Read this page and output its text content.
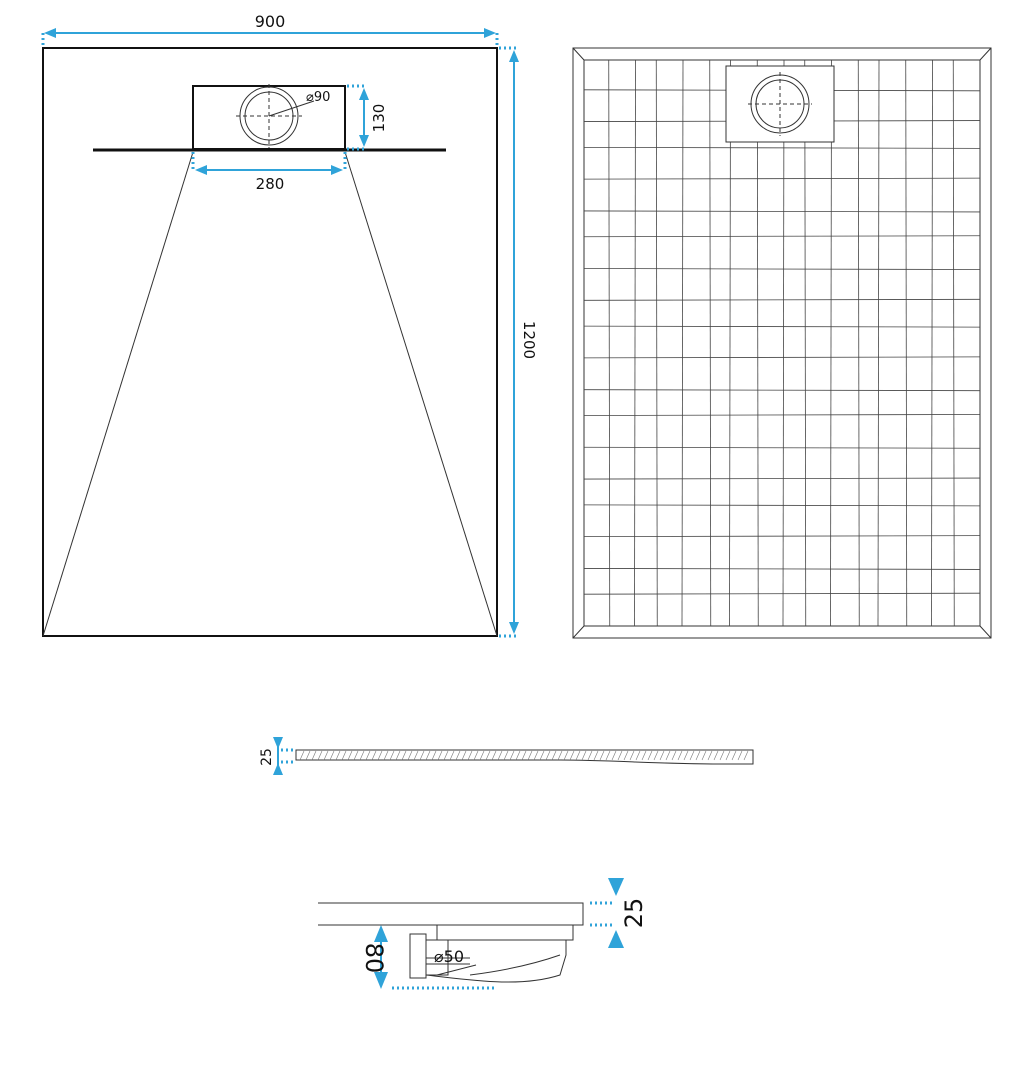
⌀90
900
1200
280
130
25
⌀50
80
25
